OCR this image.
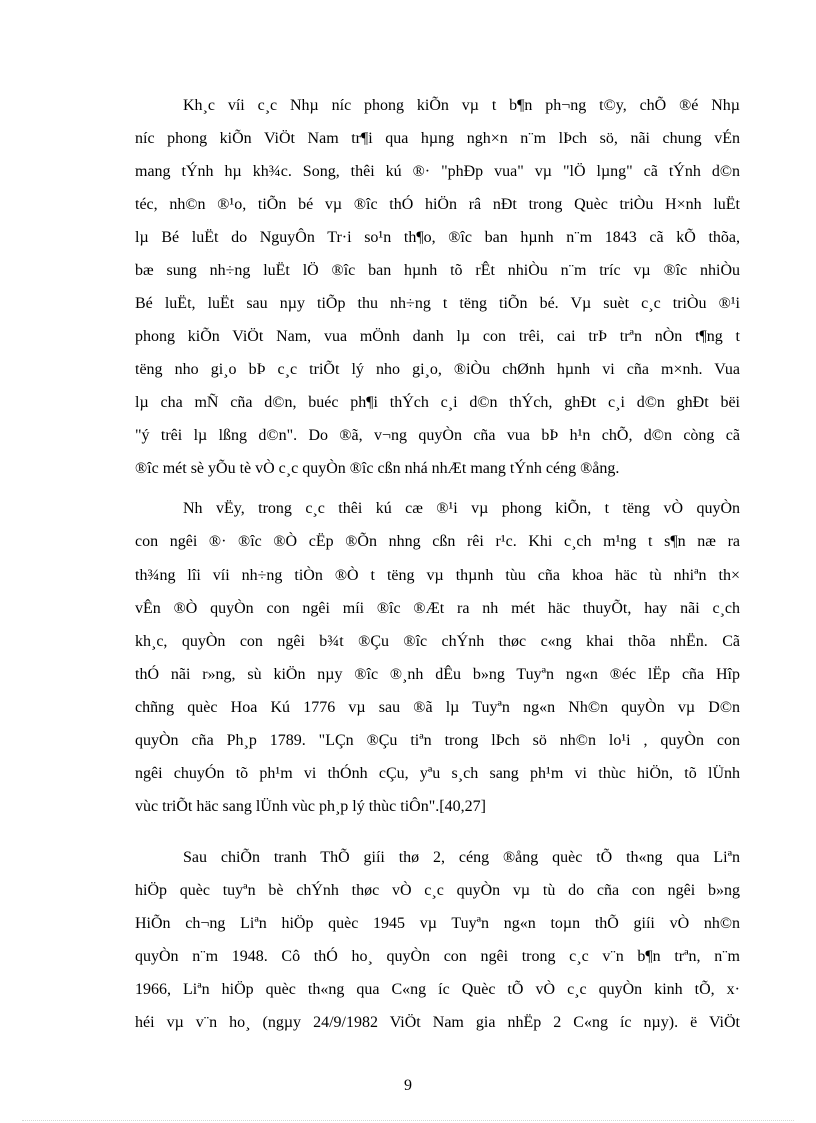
Kh¸c víi c¸c Nhµ níc phong kiÕn vµ t b¶n ph¬ng t©y, chÕ ®é Nhµ
níc phong kiÕn ViÖt Nam tr¶i qua hµng ngh×n n¨m lÞch sö, nãi chung vÉn
mang tÝnh hµ kh¾c. Song, thêi kú ®· "phÐp vua" vµ "lÖ lµng" cã tÝnh d©n
téc, nh©n ®¹o, tiÕn bé vµ ®îc thÓ hiÖn râ nÐt trong Quèc triÒu H×nh luËt
lµ Bé luËt do NguyÔn Tr·i so¹n th¶o, ®îc ban hµnh n¨m 1843 cã kÕ thõa,
bæ sung nh÷ng luËt lÖ ®îc ban hµnh tõ rÊt nhiÒu n¨m tríc vµ ®îc nhiÒu
Bé luËt, luËt sau nµy tiÕp thu nh÷ng t tëng tiÕn bé. Vµ suèt c¸c triÒu ®¹i
phong kiÕn ViÖt Nam, vua mÖnh danh lµ con trêi, cai trÞ trªn nÒn t¶ng t
tëng nho gi¸o bÞ c¸c triÕt lý nho gi¸o, ®iÒu chØnh hµnh vi cña m×nh. Vua
lµ cha mÑ cña d©n, buéc ph¶i thÝch c¸i d©n thÝch, ghÐt c¸i d©n ghÐt bëi
"ý trêi lµ lßng d©n". Do ®ã, v¬ng quyÒn cña vua bÞ h¹n chÕ, d©n còng cã
®îc mét sè yÕu tè vÒ c¸c quyÒn ®îc cßn nhá nhÆt mang tÝnh céng ®ång.
Nh vËy, trong c¸c thêi kú cæ ®¹i vµ phong kiÕn, t tëng vÒ quyÒn
con ngêi ®· ®îc ®Ò cËp ®Õn nhng cßn rêi r¹c. Khi c¸ch m¹ng t s¶n næ ra
th¾ng lîi víi nh÷ng tiÒn ®Ò t tëng vµ thµnh tùu cña khoa häc tù nhiªn th×
vÊn ®Ò quyÒn con ngêi míi ®îc ®Æt ra nh mét häc thuyÕt, hay nãi c¸ch
kh¸c, quyÒn con ngêi b¾t ®Çu ®îc chÝnh thøc c«ng khai thõa nhËn. Cã
thÓ nãi r»ng, sù kiÖn nµy ®îc ®¸nh dÊu b»ng Tuyªn ng«n ®éc lËp cña Hîp
chñng quèc Hoa Kú 1776 vµ sau ®ã lµ Tuyªn ng«n Nh©n quyÒn vµ D©n
quyÒn cña Ph¸p 1789. "LÇn ®Çu tiªn trong lÞch sö nh©n lo¹i , quyÒn con
ngêi chuyÓn tõ ph¹m vi thÓnh cÇu, yªu s¸ch sang ph¹m vi thùc hiÖn, tõ lÜnh
vùc triÕt häc sang lÜnh vùc ph¸p lý thùc tiÔn".[40,27]
Sau chiÕn tranh ThÕ giíi thø 2, céng ®ång quèc tÕ th«ng qua Liªn
hiÖp quèc tuyªn bè chÝnh thøc vÒ c¸c quyÒn vµ tù do cña con ngêi b»ng
HiÕn ch¬ng Liªn hiÖp quèc 1945 vµ Tuyªn ng«n toµn thÕ giíi vÒ nh©n
quyÒn n¨m 1948. Cô thÓ ho¸ quyÒn con ngêi trong c¸c v¨n b¶n trªn, n¨m
1966, Liªn hiÖp quèc th«ng qua C«ng íc Quèc tÕ vÒ c¸c quyÒn kinh tÕ, x·
héi vµ v¨n ho¸ (ngµy 24/9/1982 ViÖt Nam gia nhËp 2 C«ng íc nµy). ë ViÖt
9
